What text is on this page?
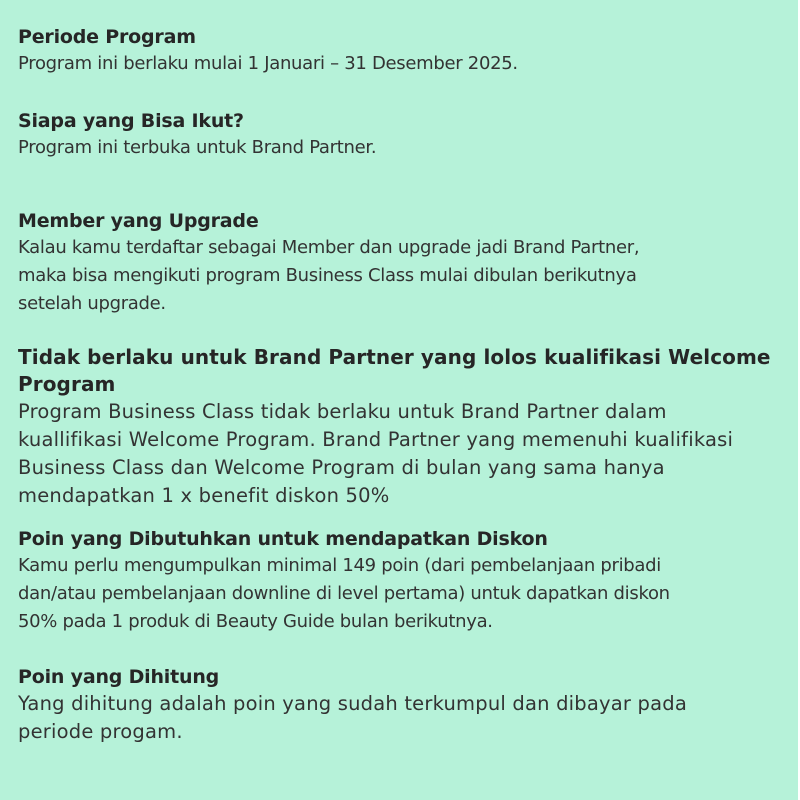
Periode Program
Program ini berlaku mulai 1 Januari – 31 Desember 2025.
Siapa yang Bisa Ikut?
Program ini terbuka untuk Brand Partner.
Member yang Upgrade
Kalau kamu terdaftar sebagai Member dan upgrade jadi Brand Partner,
maka bisa mengikuti program Business Class mulai dibulan berikutnya
setelah upgrade.
Tidak berlaku untuk Brand Partner yang lolos kualifikasi Welcome
Program
Program Business Class tidak berlaku untuk Brand Partner dalam
kuallifikasi Welcome Program. Brand Partner yang memenuhi kualifikasi
Business Class dan Welcome Program di bulan yang sama hanya
mendapatkan 1 x benefit diskon 50%
Poin yang Dibutuhkan untuk mendapatkan Diskon
Kamu perlu mengumpulkan minimal 149 poin (dari pembelanjaan pribadi
dan/atau pembelanjaan downline di level pertama) untuk dapatkan diskon
50% pada 1 produk di Beauty Guide bulan berikutnya.
Poin yang Dihitung
Yang dihitung adalah poin yang sudah terkumpul dan dibayar pada
periode progam.
